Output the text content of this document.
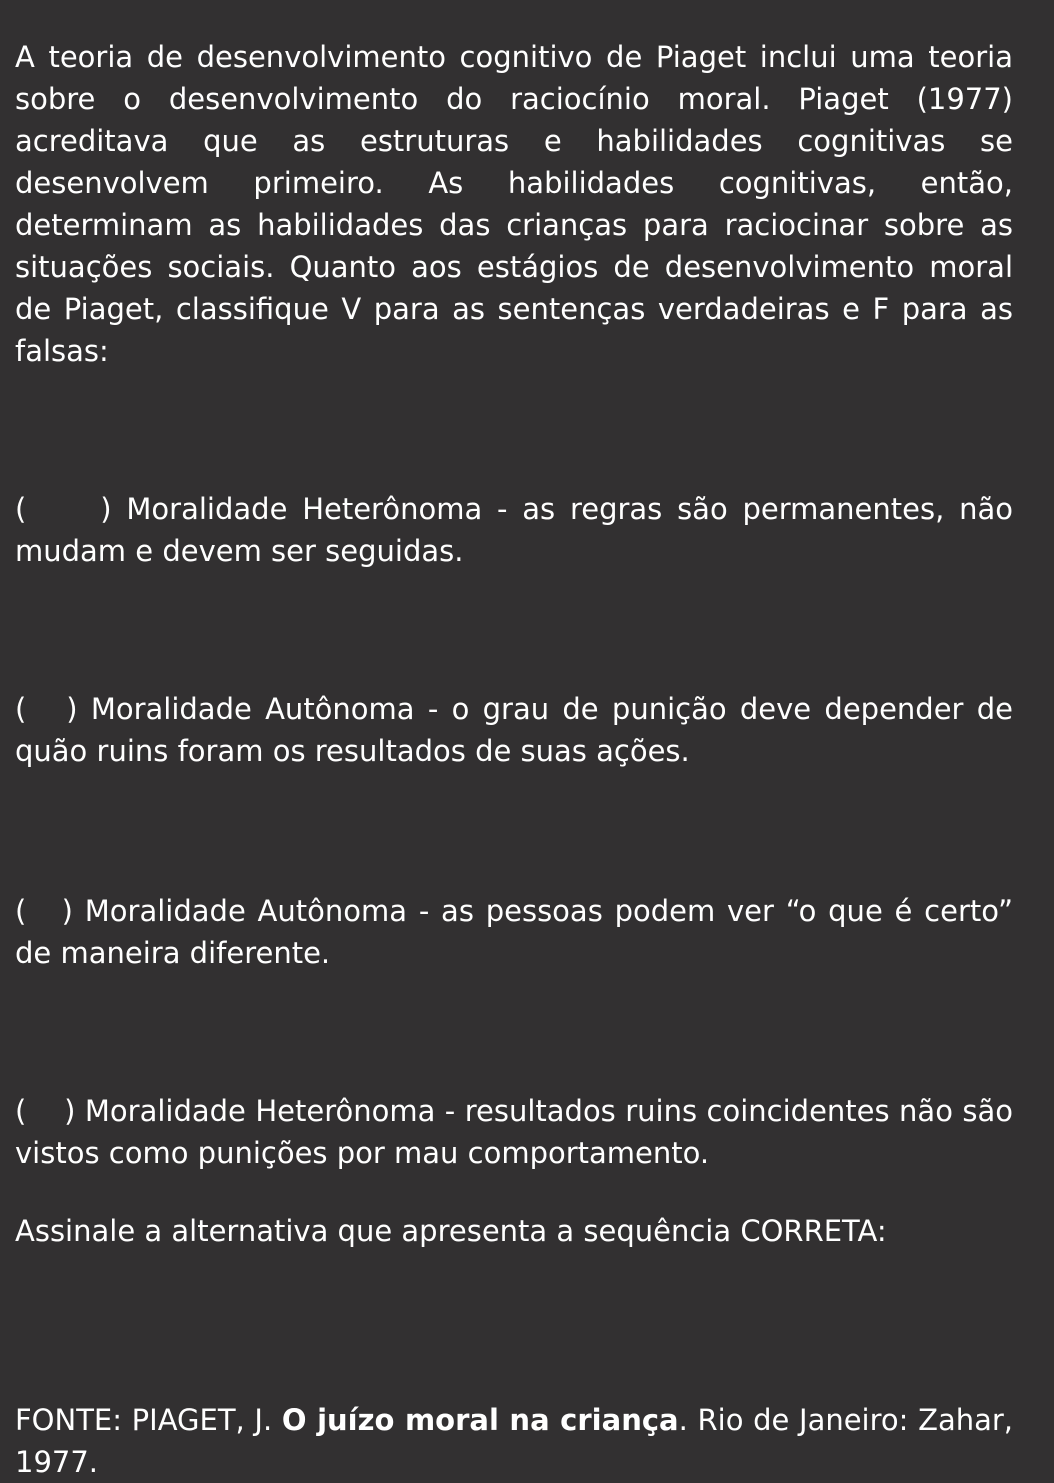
A teoria de desenvolvimento cognitivo de Piaget inclui uma teoria sobre o desenvolvimento do raciocínio moral. Piaget (1977) acreditava que as estruturas e habilidades cognitivas se desenvolvem primeiro. As habilidades cognitivas, então, determinam as habilidades das crianças para raciocinar sobre as situações sociais. Quanto aos estágios de desenvolvimento moral de Piaget, classifique V para as sentenças verdadeiras e F para as falsas:

(	) Moralidade Heterônoma - as regras são permanentes, não mudam e devem ser seguidas.

( ) Moralidade Autônoma - o grau de punição deve depender de quão ruins foram os resultados de suas ações.

( ) Moralidade Autônoma - as pessoas podem ver “o que é certo” de maneira diferente.

( ) Moralidade Heterônoma - resultados ruins coincidentes não são vistos como punições por mau comportamento.

Assinale a alternativa que apresenta a sequência CORRETA:

FONTE: PIAGET, J. O juízo moral na criança. Rio de Janeiro: Zahar, 1977.
